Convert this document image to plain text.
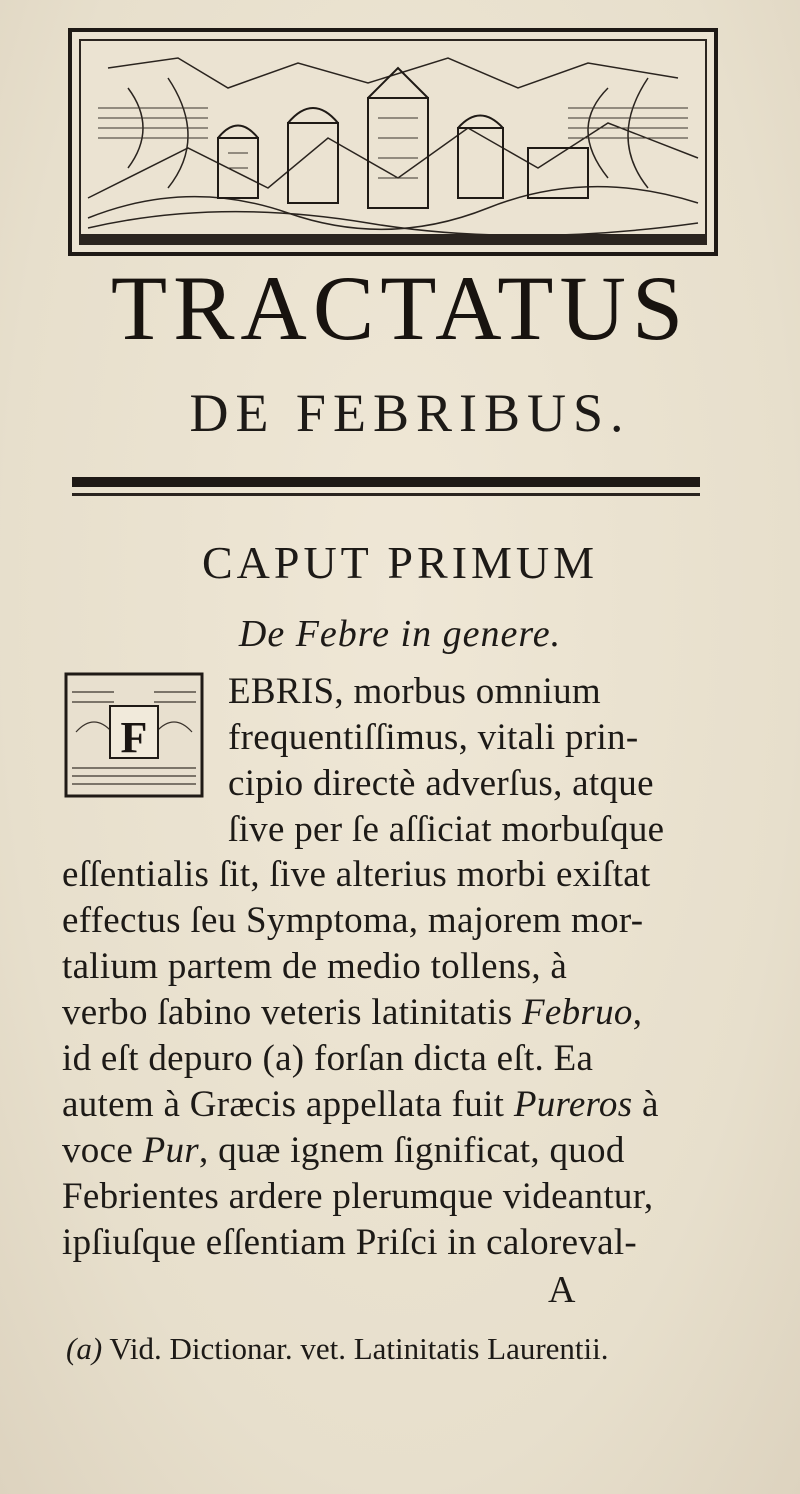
TRACTATUS
DE FEBRIBUS.
CAPUT PRIMUM
De Febre in genere.
F
EBRIS, morbus omnium
frequentiſſimus, vitali prin-
cipio directè adverſus, atque
ſive per ſe aſſiciat morbuſque
eſſentialis ſit, ſive alterius morbi exiſtat
effectus ſeu Symptoma, majorem mor-
talium partem de medio tollens, à
verbo ſabino veteris latinitatis Februo,
id eſt depuro (a) forſan dicta eſt. Ea
autem à Græcis appellata fuit Pureros à
voce Pur, quæ ignem ſignificat, quod
Febrientes ardere plerumque videantur,
ipſiuſque eſſentiam Priſci in caloreval-
A
(a) Vid. Dictionar. vet. Latinitatis Laurentii.
